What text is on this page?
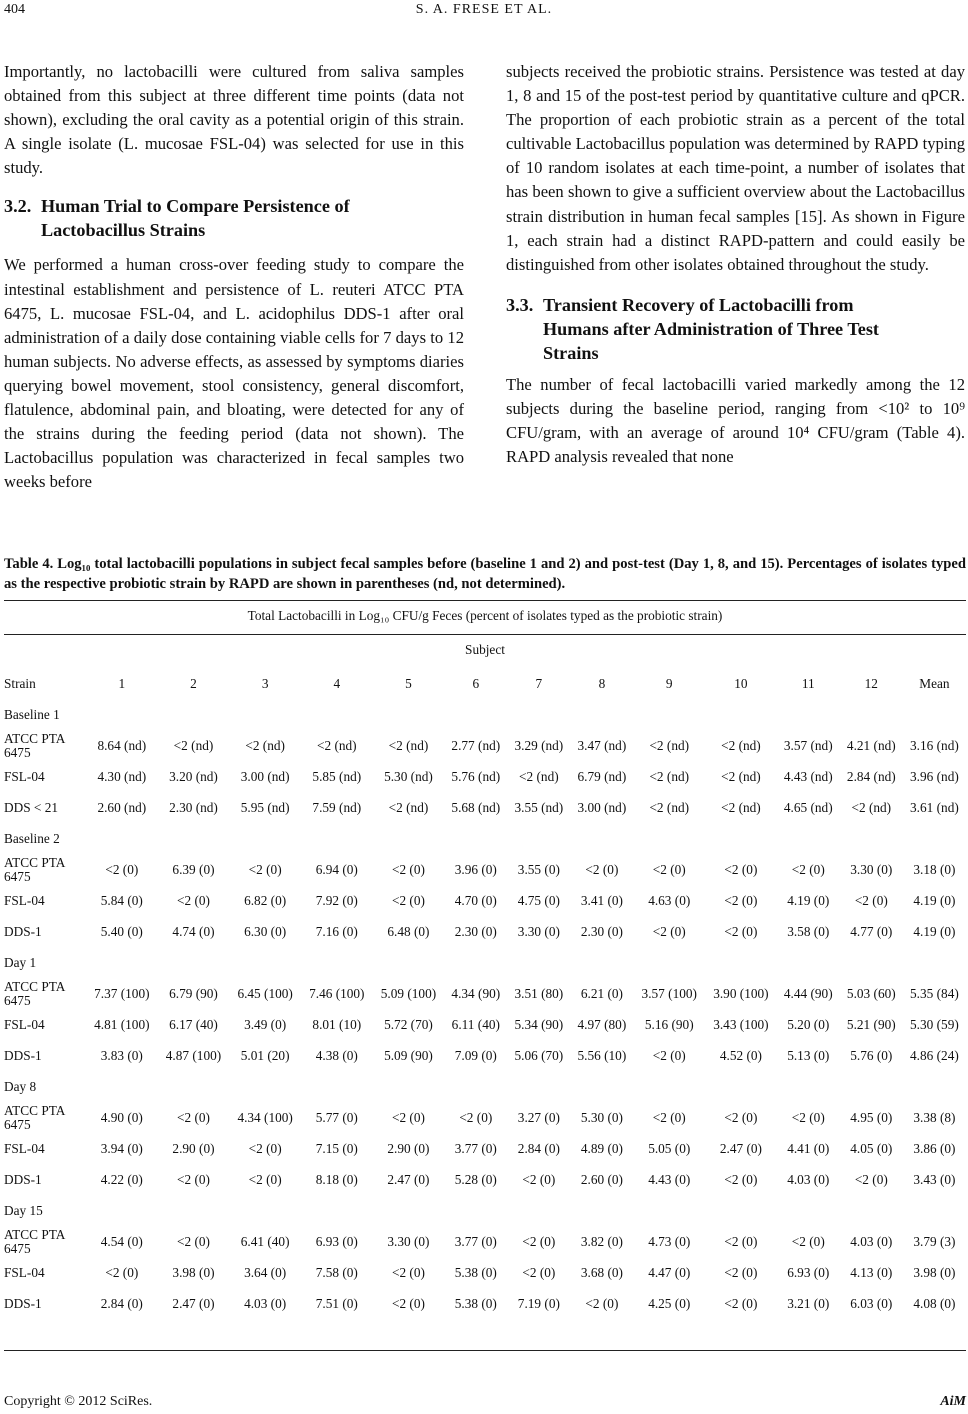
404	S. A. FRESE ET AL.

Importantly, no lactobacilli were cultured from saliva samples obtained from this subject at three different time points (data not shown), excluding the oral cavity as a potential origin of this strain. A single isolate (L. mucosae FSL-04) was selected for use in this study.

3.2. Human Trial to Compare Persistence of
Lactobacillus Strains

We performed a human cross-over feeding study to compare the intestinal establishment and persistence of L. reuteri ATCC PTA 6475, L. mucosae FSL-04, and L. acidophilus DDS-1 after oral administration of a daily dose containing viable cells for 7 days to 12 human subjects. No adverse effects, as assessed by symptoms diaries querying bowel movement, stool consistency, general discomfort, flatulence, abdominal pain, and bloating, were detected for any of the strains during the feeding period (data not shown). The Lactobacillus population was characterized in fecal samples two weeks before

subjects received the probiotic strains. Persistence was tested at day 1, 8 and 15 of the post-test period by quantitative culture and qPCR. The proportion of each probiotic strain as a percent of the total cultivable Lactobacillus population was determined by RAPD typing of 10 random isolates at each time-point, a number of isolates that has been shown to give a sufficient overview about the Lactobacillus strain distribution in human fecal samples [15]. As shown in Figure 1, each strain had a distinct RAPD-pattern and could easily be distinguished from other isolates obtained throughout the study.

3.3. Transient Recovery of Lactobacilli from
Humans after Administration of Three Test
Strains

The number of fecal lactobacilli varied markedly among the 12 subjects during the baseline period, ranging from <10² to 10⁹ CFU/gram, with an average of around 10⁴ CFU/gram (Table 4). RAPD analysis revealed that none

Table 4. Log₁₀ total lactobacilli populations in subject fecal samples before (baseline 1 and 2) and post-test (Day 1, 8, and 15). Percentages of isolates typed as the respective probiotic strain by RAPD are shown in parentheses (nd, not determined).
Total Lactobacilli in Log₁₀ CFU/g Feces (percent of isolates typed as the probiotic strain)
Subject
Strain	1	2	3	4	5	6	7	8	9	10	11	12	Mean
Baseline 1													
ATCC PTA 6475	8.64 (nd)	<2 (nd)	<2 (nd)	<2 (nd)	<2 (nd)	2.77 (nd)	3.29 (nd)	3.47 (nd)	<2 (nd)	<2 (nd)	3.57 (nd)	4.21 (nd)	3.16 (nd)
FSL-04	4.30 (nd)	3.20 (nd)	3.00 (nd)	5.85 (nd)	5.30 (nd)	5.76 (nd)	<2 (nd)	6.79 (nd)	<2 (nd)	<2 (nd)	4.43 (nd)	2.84 (nd)	3.96 (nd)
DDS < 21	2.60 (nd)	2.30 (nd)	5.95 (nd)	7.59 (nd)	<2 (nd)	5.68 (nd)	3.55 (nd)	3.00 (nd)	<2 (nd)	<2 (nd)	4.65 (nd)	<2 (nd)	3.61 (nd)
Baseline 2													
ATCC PTA 6475	<2 (0)	6.39 (0)	<2 (0)	6.94 (0)	<2 (0)	3.96 (0)	3.55 (0)	<2 (0)	<2 (0)	<2 (0)	<2 (0)	3.30 (0)	3.18 (0)
FSL-04	5.84 (0)	<2 (0)	6.82 (0)	7.92 (0)	<2 (0)	4.70 (0)	4.75 (0)	3.41 (0)	4.63 (0)	<2 (0)	4.19 (0)	<2 (0)	4.19 (0)
DDS-1	5.40 (0)	4.74 (0)	6.30 (0)	7.16 (0)	6.48 (0)	2.30 (0)	3.30 (0)	2.30 (0)	<2 (0)	<2 (0)	3.58 (0)	4.77 (0)	4.19 (0)
Day 1													
ATCC PTA 6475	7.37 (100)	6.79 (90)	6.45 (100)	7.46 (100)	5.09 (100)	4.34 (90)	3.51 (80)	6.21 (0)	3.57 (100)	3.90 (100)	4.44 (90)	5.03 (60)	5.35 (84)
FSL-04	4.81 (100)	6.17 (40)	3.49 (0)	8.01 (10)	5.72 (70)	6.11 (40)	5.34 (90)	4.97 (80)	5.16 (90)	3.43 (100)	5.20 (0)	5.21 (90)	5.30 (59)
DDS-1	3.83 (0)	4.87 (100)	5.01 (20)	4.38 (0)	5.09 (90)	7.09 (0)	5.06 (70)	5.56 (10)	<2 (0)	4.52 (0)	5.13 (0)	5.76 (0)	4.86 (24)
Day 8													
ATCC PTA 6475	4.90 (0)	<2 (0)	4.34 (100)	5.77 (0)	<2 (0)	<2 (0)	3.27 (0)	5.30 (0)	<2 (0)	<2 (0)	<2 (0)	4.95 (0)	3.38 (8)
FSL-04	3.94 (0)	2.90 (0)	<2 (0)	7.15 (0)	2.90 (0)	3.77 (0)	2.84 (0)	4.89 (0)	5.05 (0)	2.47 (0)	4.41 (0)	4.05 (0)	3.86 (0)
DDS-1	4.22 (0)	<2 (0)	<2 (0)	8.18 (0)	2.47 (0)	5.28 (0)	<2 (0)	2.60 (0)	4.43 (0)	<2 (0)	4.03 (0)	<2 (0)	3.43 (0)
Day 15													
ATCC PTA 6475	4.54 (0)	<2 (0)	6.41 (40)	6.93 (0)	3.30 (0)	3.77 (0)	<2 (0)	3.82 (0)	4.73 (0)	<2 (0)	<2 (0)	4.03 (0)	3.79 (3)
FSL-04	<2 (0)	3.98 (0)	3.64 (0)	7.58 (0)	<2 (0)	5.38 (0)	<2 (0)	3.68 (0)	4.47 (0)	<2 (0)	6.93 (0)	4.13 (0)	3.98 (0)
DDS-1	2.84 (0)	2.47 (0)	4.03 (0)	7.51 (0)	<2 (0)	5.38 (0)	7.19 (0)	<2 (0)	4.25 (0)	<2 (0)	3.21 (0)	6.03 (0)	4.08 (0)
Copyright © 2012 SciRes.	AiM
